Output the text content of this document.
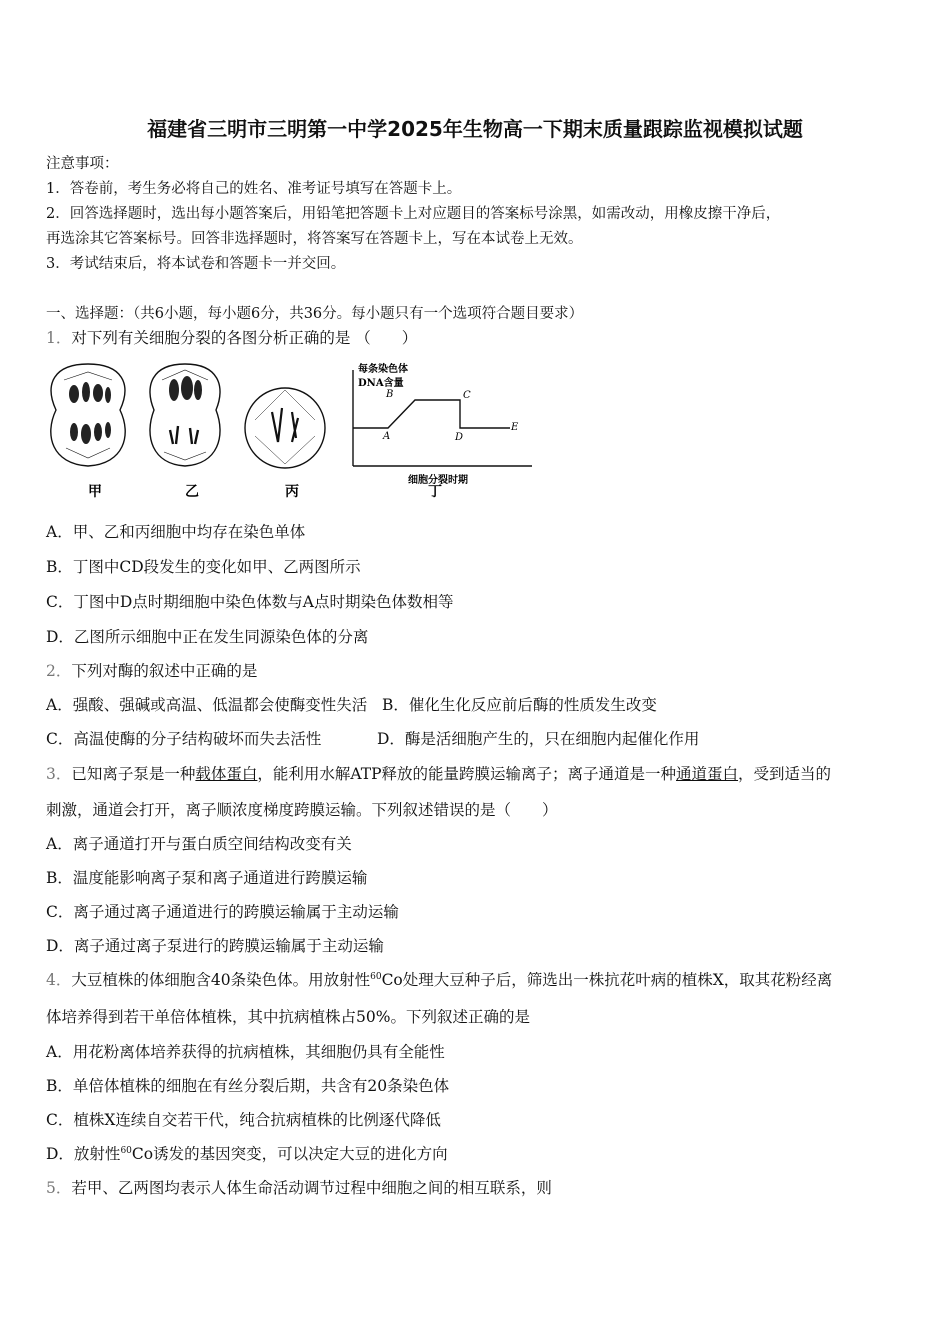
福建省三明市三明第一中学2025年生物高一下期末质量跟踪监视模拟试题
注意事项：
1．答卷前，考生务必将自己的姓名、准考证号填写在答题卡上。
2．回答选择题时，选出每小题答案后，用铅笔把答题卡上对应题目的答案标号涂黑，如需改动，用橡皮擦干净后，
再选涂其它答案标号。回答非选择题时，将答案写在答题卡上，写在本试卷上无效。
3．考试结束后，将本试卷和答题卡一并交回。
一、选择题：（共6小题，每小题6分，共36分。每小题只有一个选项符合题目要求）
1．对下列有关细胞分裂的各图分析正确的是 （　　）
甲	乙	丙
每条染色体
DNA含量
细胞分裂时期
A
B	C
D
E
丁
A．甲、乙和丙细胞中均存在染色单体
B．丁图中CD段发生的变化如甲、乙两图所示
C．丁图中D点时期细胞中染色体数与A点时期染色体数相等
D．乙图所示细胞中正在发生同源染色体的分离
2．下列对酶的叙述中正确的是
A．强酸、强碱或高温、低温都会使酶变性失活 B．催化生化反应前后酶的性质发生改变
C．高温使酶的分子结构破坏而失去活性	D．酶是活细胞产生的，只在细胞内起催化作用
3．已知离子泵是一种载体蛋白，能利用水解ATP释放的能量跨膜运输离子；离子通道是一种通道蛋白，受到适当的
刺激，通道会打开，离子顺浓度梯度跨膜运输。下列叙述错误的是（　　）
A．离子通道打开与蛋白质空间结构改变有关
B．温度能影响离子泵和离子通道进行跨膜运输
C．离子通过离子通道进行的跨膜运输属于主动运输
D．离子通过离子泵进行的跨膜运输属于主动运输
4．大豆植株的体细胞含40条染色体。用放射性$^{60}$Co处理大豆种子后，筛选出一株抗花叶病的植株X，取其花粉经离
体培养得到若干单倍体植株，其中抗病植株占50%。下列叙述正确的是
A．用花粉离体培养获得的抗病植株，其细胞仍具有全能性
B．单倍体植株的细胞在有丝分裂后期，共含有20条染色体
C．植株X连续自交若干代，纯合抗病植株的比例逐代降低
D．放射性$^{60}$Co诱发的基因突变，可以决定大豆的进化方向
5．若甲、乙两图均表示人体生命活动调节过程中细胞之间的相互联系，则
